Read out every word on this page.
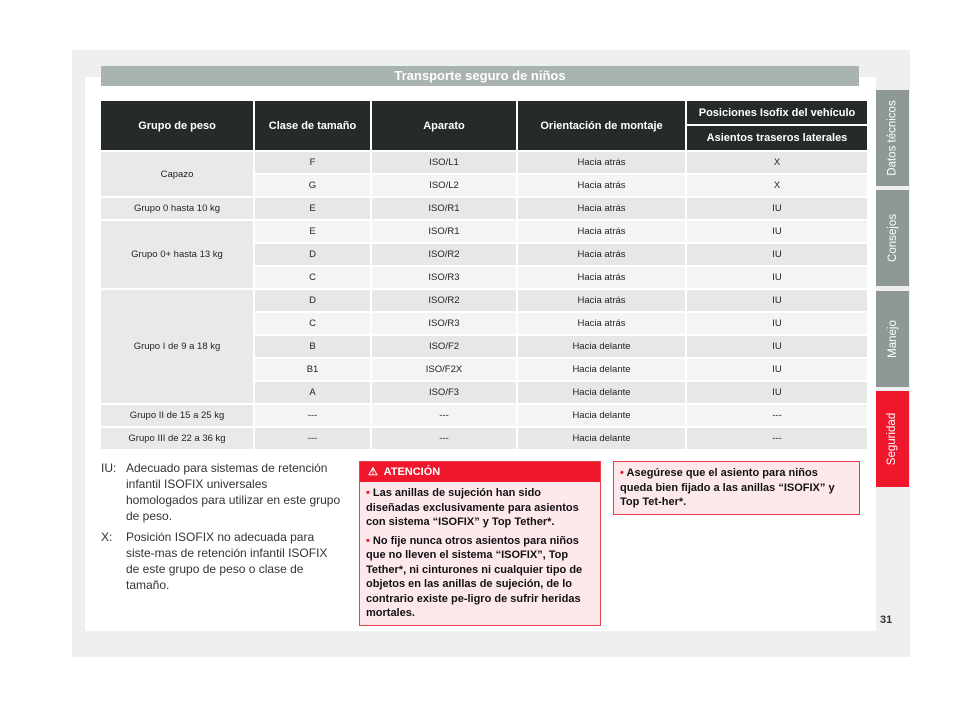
Transporte seguro de niños
Grupo de peso	Clase de tamaño	Aparato	Orientación de montaje	Posiciones Isofix del vehículo
				Asientos traseros laterales
Capazo	F	ISO/L1	Hacia atrás	X
	G	ISO/L2	Hacia atrás	X
Grupo 0 hasta 10 kg	E	ISO/R1	Hacia atrás	IU
Grupo 0+ hasta 13 kg	E	ISO/R1	Hacia atrás	IU
	D	ISO/R2	Hacia atrás	IU
	C	ISO/R3	Hacia atrás	IU
Grupo I de 9 a 18 kg	D	ISO/R2	Hacia atrás	IU
	C	ISO/R3	Hacia atrás	IU
	B	ISO/F2	Hacia delante	IU
	B1	ISO/F2X	Hacia delante	IU
	A	ISO/F3	Hacia delante	IU
Grupo II de 15 a 25 kg	---	---	Hacia delante	---
Grupo III de 22 a 36 kg	---	---	Hacia delante	---
IU: Adecuado para sistemas de retención infantil ISOFIX universales homologados para utilizar en este grupo de peso.
X:	Posición ISOFIX no adecuada para siste-mas de retención infantil ISOFIX de este grupo de peso o clase de tamaño.
⚠ ATENCIÓN

• Las anillas de sujeción han sido diseñadas exclusivamente para asientos con sistema “ISOFIX” y Top Tether*.

• No fije nunca otros asientos para niños que no lleven el sistema “ISOFIX”, Top Tether*, ni cinturones ni cualquier tipo de objetos en las anillas de sujeción, de lo contrario existe pe-ligro de sufrir heridas mortales.

• Asegúrese que el asiento para niños queda bien fijado a las anillas “ISOFIX” y Top Tet-her*.

Datos técnicos
Consejos
Manejo
Seguridad
31
